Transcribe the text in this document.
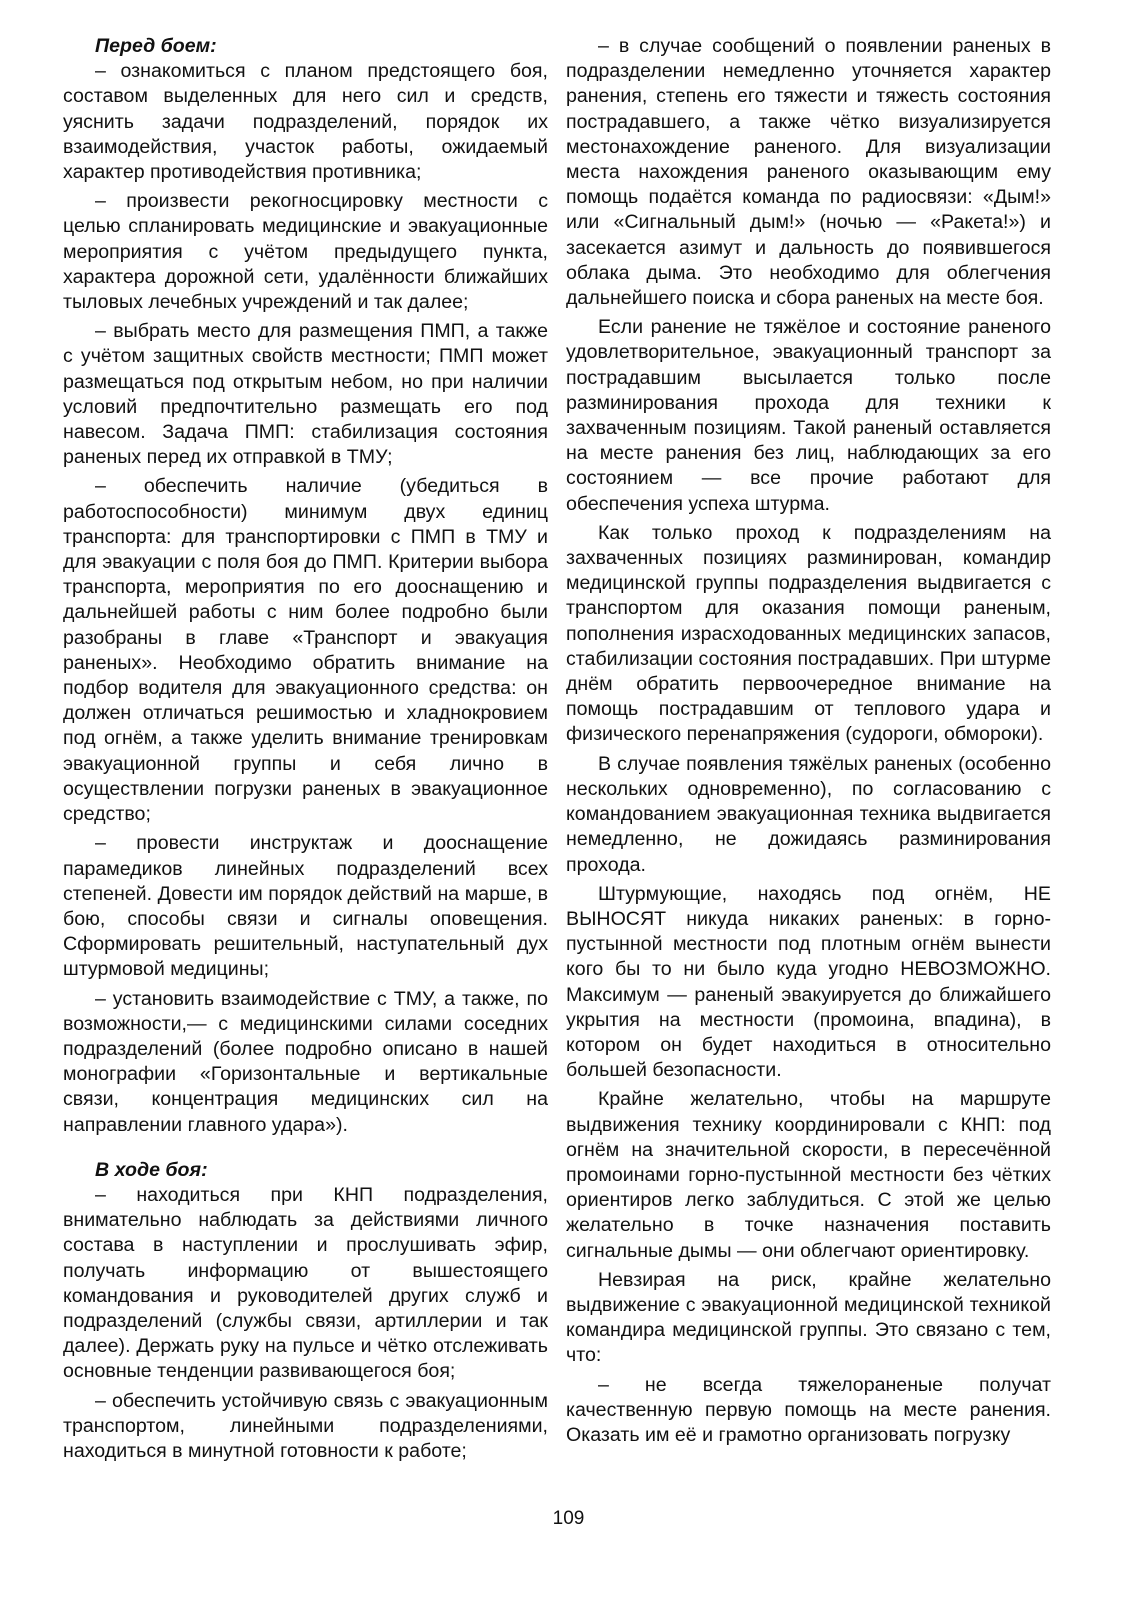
Перед боем:

– ознакомиться с планом предстоящего боя, составом выделенных для него сил и средств, уяснить задачи подразделений, порядок их взаимодействия, участок работы, ожидаемый характер противодействия противника;

– произвести рекогносцировку местности с целью спланировать медицинские и эвакуационные мероприятия с учётом предыдущего пункта, характера дорожной сети, удалённости ближайших тыловых лечебных учреждений и так далее;

– выбрать место для размещения ПМП, а также с учётом защитных свойств местности; ПМП может размещаться под открытым небом, но при наличии условий предпочтительно размещать его под навесом. Задача ПМП: стабилизация состояния раненых перед их отправкой в ТМУ;

– обеспечить наличие (убедиться в работоспособности) минимум двух единиц транспорта: для транспортировки с ПМП в ТМУ и для эвакуации с поля боя до ПМП. Критерии выбора транспорта, мероприятия по его дооснащению и дальнейшей работы с ним более подробно были разобраны в главе «Транспорт и эвакуация раненых». Необходимо обратить внимание на подбор водителя для эвакуационного средства: он должен отличаться решимостью и хладнокровием под огнём, а также уделить внимание тренировкам эвакуационной группы и себя лично в осуществлении погрузки раненых в эвакуационное средство;

– провести инструктаж и дооснащение парамедиков линейных подразделений всех степеней. Довести им порядок действий на марше, в бою, способы связи и сигналы оповещения. Сформировать решительный, наступательный дух штурмовой медицины;

– установить взаимодействие с ТМУ, а также, по возможности,— с медицинскими силами соседних подразделений (более подробно описано в нашей монографии «Горизонтальные и вертикальные связи, концентрация медицинских сил на направлении главного удара»).

В ходе боя:

– находиться при КНП подразделения, внимательно наблюдать за действиями личного состава в наступлении и прослушивать эфир, получать информацию от вышестоящего командования и руководителей других служб и подразделений (службы связи, артиллерии и так далее). Держать руку на пульсе и чётко отслеживать основные тенденции развивающегося боя;

– обеспечить устойчивую связь с эвакуационным транспортом, линейными подразделениями, находиться в минутной готовности к работе;

– в случае сообщений о появлении раненых в подразделении немедленно уточняется характер ранения, степень его тяжести и тяжесть состояния пострадавшего, а также чётко визуализируется местонахождение раненого. Для визуализации места нахождения раненого оказывающим ему помощь подаётся команда по радиосвязи: «Дым!» или «Сигнальный дым!» (ночью — «Ракета!») и засекается азимут и дальность до появившегося облака дыма. Это необходимо для облегчения дальнейшего поиска и сбора раненых на месте боя.

Если ранение не тяжёлое и состояние раненого удовлетворительное, эвакуационный транспорт за пострадавшим высылается только после разминирования прохода для техники к захваченным позициям. Такой раненый оставляется на месте ранения без лиц, наблюдающих за его состоянием — все прочие работают для обеспечения успеха штурма.

Как только проход к подразделениям на захваченных позициях разминирован, командир медицинской группы подразделения выдвигается с транспортом для оказания помощи раненым, пополнения израсходованных медицинских запасов, стабилизации состояния пострадавших. При штурме днём обратить первоочередное внимание на помощь пострадавшим от теплового удара и физического перенапряжения (судороги, обмороки).

В случае появления тяжёлых раненых (особенно нескольких одновременно), по согласованию с командованием эвакуационная техника выдвигается немедленно, не дожидаясь разминирования прохода.

Штурмующие, находясь под огнём, НЕ ВЫНОСЯТ никуда никаких раненых: в горно-пустынной местности под плотным огнём вынести кого бы то ни было куда угодно НЕВОЗМОЖНО. Максимум — раненый эвакуируется до ближайшего укрытия на местности (промоина, впадина), в котором он будет находиться в относительно большей безопасности.

Крайне желательно, чтобы на маршруте выдвижения технику координировали с КНП: под огнём на значительной скорости, в пересечённой промоинами горно-пустынной местности без чётких ориентиров легко заблудиться. С этой же целью желательно в точке назначения поставить сигнальные дымы — они облегчают ориентировку.

Невзирая на риск, крайне желательно выдвижение с эвакуационной медицинской техникой командира медицинской группы. Это связано с тем, что:

– не всегда тяжелораненые получат качественную первую помощь на месте ранения. Оказать им её и грамотно организовать погрузку

109
